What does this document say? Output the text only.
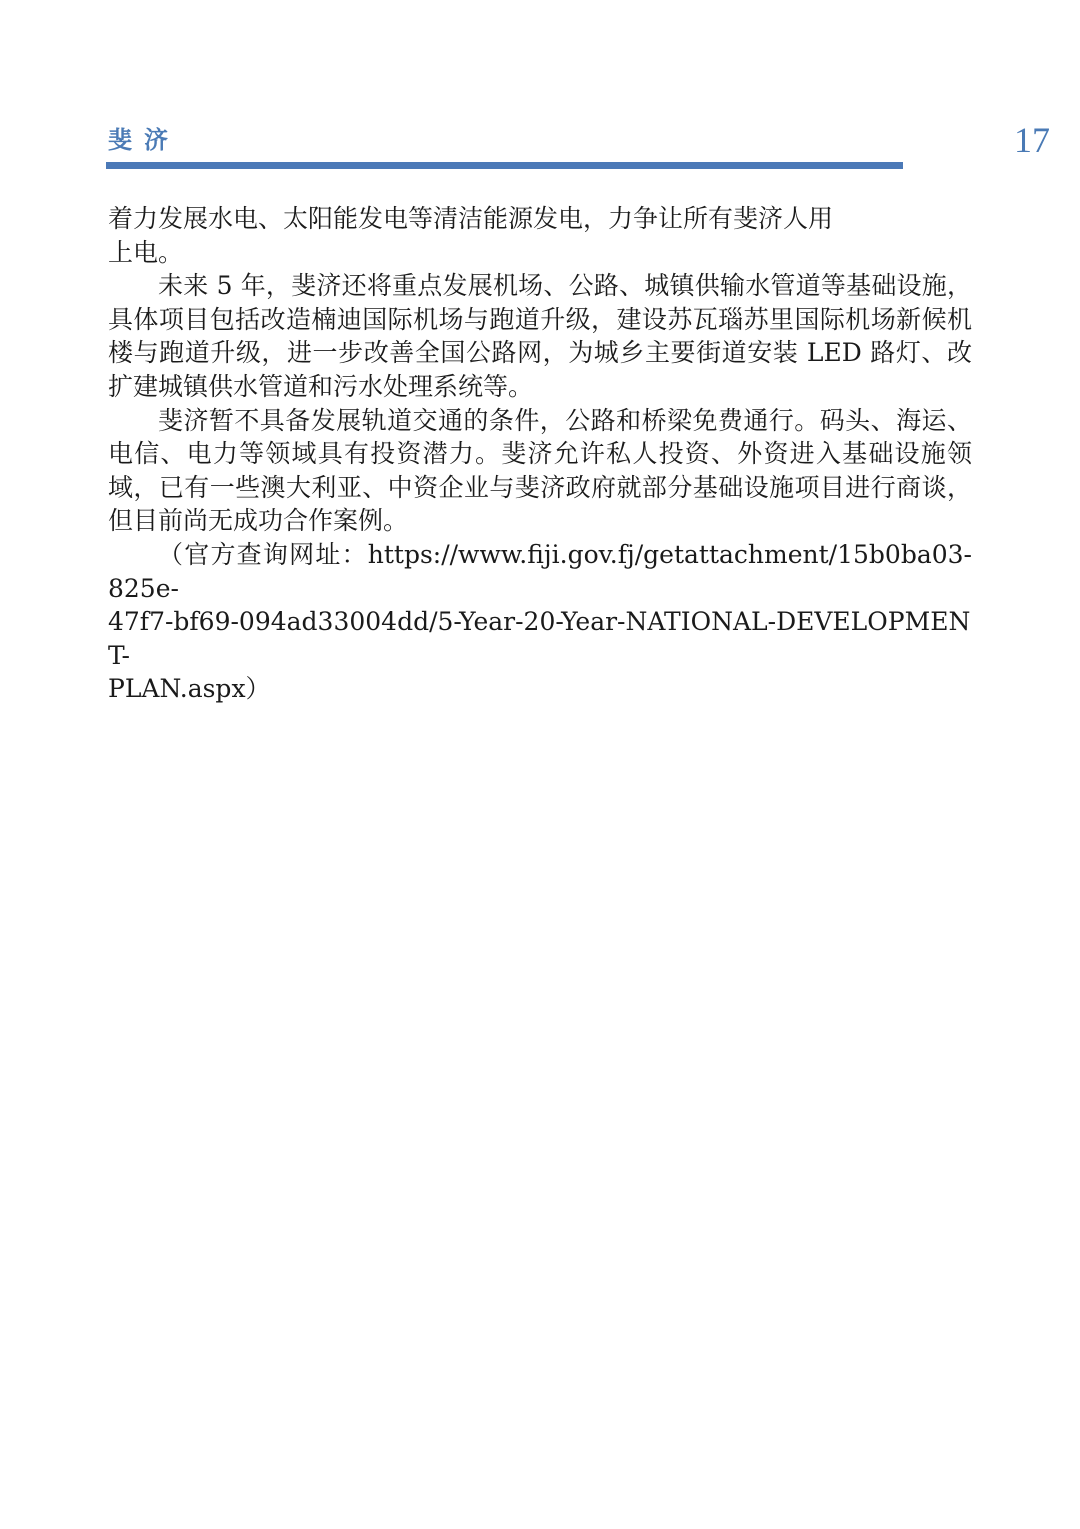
斐济	17

着力发展水电、太阳能发电等清洁能源发电，力争让所有斐济人用
上电。

未来 5 年，斐济还将重点发展机场、公路、城镇供输水管道等基础设施，具体项目包括改造楠迪国际机场与跑道升级，建设苏瓦瑙苏里国际机场新候机楼与跑道升级，进一步改善全国公路网，为城乡主要街道安装 LED 路灯、改扩建城镇供水管道和污水处理系统等。

斐济暂不具备发展轨道交通的条件，公路和桥梁免费通行。码头、海运、电信、电力等领域具有投资潜力。斐济允许私人投资、外资进入基础设施领域，已有一些澳大利亚、中资企业与斐济政府就部分基础设施项目进行商谈，但目前尚无成功合作案例。

（官方查询网址：https://www.fiji.gov.fj/getattachment/15b0ba03-825e-

47f7-bf69-094ad33004dd/5-Year-20-Year-NATIONAL-DEVELOPMENT-
PLAN.aspx）
